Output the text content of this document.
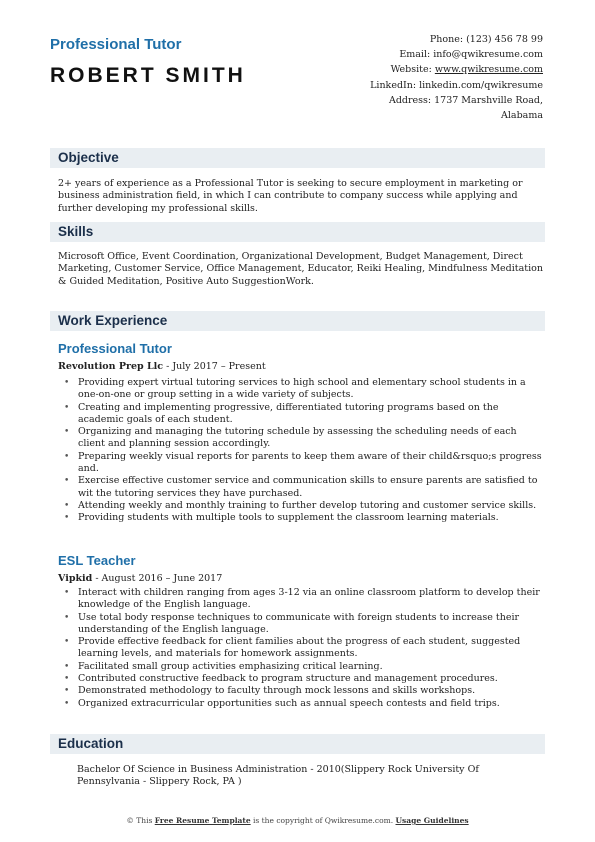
Professional Tutor
ROBERT SMITH
Phone: (123) 456 78 99
Email: info@qwikresume.com
Website: www.qwikresume.com
LinkedIn: linkedin.com/qwikresume
Address: 1737 Marshville Road,
Alabama
Objective
2+ years of experience as a Professional Tutor is seeking to secure employment in marketing or business administration field, in which I can contribute to company success while applying and further developing my professional skills.
Skills
Microsoft Office, Event Coordination, Organizational Development, Budget Management, Direct Marketing, Customer Service, Office Management, Educator, Reiki Healing, Mindfulness Meditation & Guided Meditation, Positive Auto SuggestionWork.
Work Experience
Professional Tutor
Revolution Prep Llc - July 2017 – Present
• Providing expert virtual tutoring services to high school and elementary school students in a one-on-one or group setting in a wide variety of subjects.
• Creating and implementing progressive, differentiated tutoring programs based on the academic goals of each student.
• Organizing and managing the tutoring schedule by assessing the scheduling needs of each client and planning session accordingly.
• Preparing weekly visual reports for parents to keep them aware of their child&rsquo;s progress and.
• Exercise effective customer service and communication skills to ensure parents are satisfied to wit the tutoring services they have purchased.
• Attending weekly and monthly training to further develop tutoring and customer service skills.
• Providing students with multiple tools to supplement the classroom learning materials.
ESL Teacher
Vipkid - August 2016 – June 2017
• Interact with children ranging from ages 3-12 via an online classroom platform to develop their knowledge of the English language.
• Use total body response techniques to communicate with foreign students to increase their understanding of the English language.
• Provide effective feedback for client families about the progress of each student, suggested learning levels, and materials for homework assignments.
• Facilitated small group activities emphasizing critical learning.
• Contributed constructive feedback to program structure and management procedures.
• Demonstrated methodology to faculty through mock lessons and skills workshops.
• Organized extracurricular opportunities such as annual speech contests and field trips.
Education
Bachelor Of Science in Business Administration - 2010(Slippery Rock University Of Pennsylvania - Slippery Rock, PA )
© This Free Resume Template is the copyright of Qwikresume.com. Usage Guidelines
